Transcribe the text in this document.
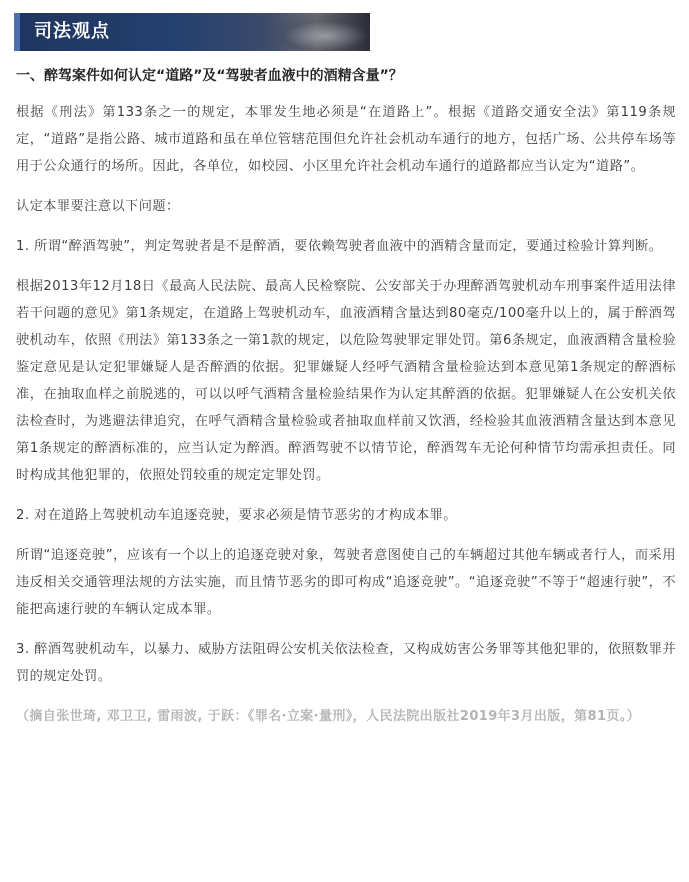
司法观点

一、醉驾案件如何认定“道路”及“驾驶者血液中的酒精含量”？

根据《刑法》第133条之一的规定，本罪发生地必须是“在道路上”。根据《道路交通安全法》第119条规定，“道路”是指公路、城市道路和虽在单位管辖范围但允许社会机动车通行的地方，包括广场、公共停车场等用于公众通行的场所。因此，各单位，如校园、小区里允许社会机动车通行的道路都应当认定为“道路”。

认定本罪要注意以下问题：

1. 所谓“醉酒驾驶”，判定驾驶者是不是醉酒，要依赖驾驶者血液中的酒精含量而定，要通过检验计算判断。

根据2013年12月18日《最高人民法院、最高人民检察院、公安部关于办理醉酒驾驶机动车刑事案件适用法律若干问题的意见》第1条规定，在道路上驾驶机动车，血液酒精含量达到80毫克/100毫升以上的，属于醉酒驾驶机动车，依照《刑法》第133条之一第1款的规定，以危险驾驶罪定罪处罚。第6条规定，血液酒精含量检验鉴定意见是认定犯罪嫌疑人是否醉酒的依据。犯罪嫌疑人经呼气酒精含量检验达到本意见第1条规定的醉酒标准，在抽取血样之前脱逃的，可以以呼气酒精含量检验结果作为认定其醉酒的依据。犯罪嫌疑人在公安机关依法检查时，为逃避法律追究，在呼气酒精含量检验或者抽取血样前又饮酒，经检验其血液酒精含量达到本意见第1条规定的醉酒标准的，应当认定为醉酒。醉酒驾驶不以情节论，醉酒驾车无论何种情节均需承担责任。同时构成其他犯罪的，依照处罚较重的规定定罪处罚。

2. 对在道路上驾驶机动车追逐竞驶，要求必须是情节恶劣的才构成本罪。

所谓“追逐竞驶”，应该有一个以上的追逐竞驶对象，驾驶者意图使自己的车辆超过其他车辆或者行人，而采用违反相关交通管理法规的方法实施，而且情节恶劣的即可构成“追逐竞驶”。“追逐竞驶”不等于“超速行驶”，不能把高速行驶的车辆认定成本罪。

3. 醉酒驾驶机动车，以暴力、威胁方法阻碍公安机关依法检查，又构成妨害公务罪等其他犯罪的，依照数罪并罚的规定处罚。

（摘自张世琦, 邓卫卫, 雷雨波, 于跃：《罪名·立案·量刑》，人民法院出版社2019年3月出版，第81页。）
